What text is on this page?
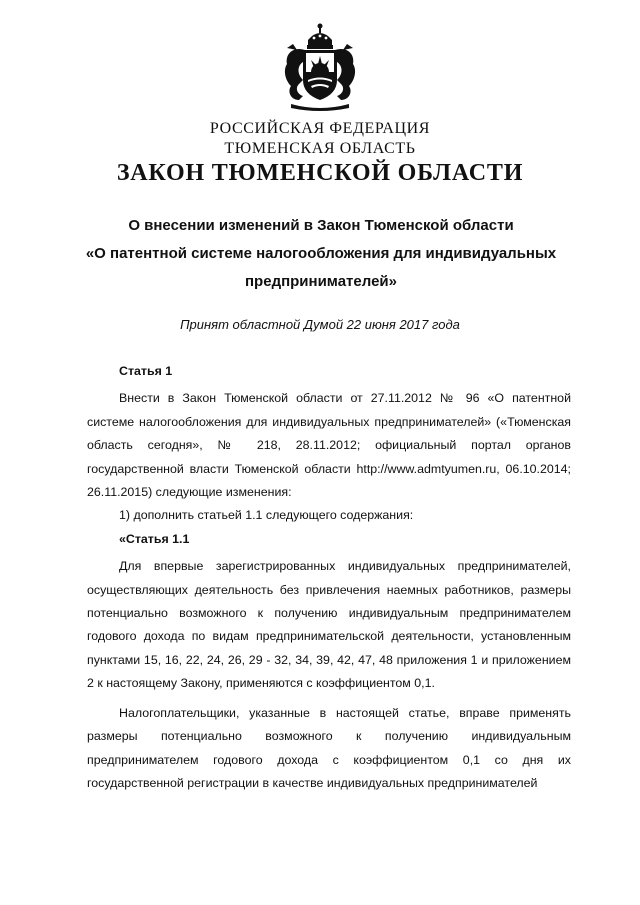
РОССИЙСКАЯ ФЕДЕРАЦИЯ
ТЮМЕНСКАЯ ОБЛАСТЬ
ЗАКОН ТЮМЕНСКОЙ ОБЛАСТИ
О внесении изменений в Закон Тюменской области
«О патентной системе налогообложения для индивидуальных
предпринимателей»
Принят областной Думой 22 июня 2017 года

Статья 1

Внести в Закон Тюменской области от 27.11.2012 № 96 «О патентной системе налогообложения для индивидуальных предпринимателей» («Тюменская область сегодня», № 218, 28.11.2012; официальный портал органов государственной власти Тюменской области http://www.admtyumen.ru, 06.10.2014; 26.11.2015) следующие изменения:

1) дополнить статьей 1.1 следующего содержания:

«Статья 1.1

Для впервые зарегистрированных индивидуальных предпринимателей, осуществляющих деятельность без привлечения наемных работников, размеры потенциально возможного к получению индивидуальным предпринимателем годового дохода по видам предпринимательской деятельности, установленным пунктами 15, 16, 22, 24, 26, 29 - 32, 34, 39, 42, 47, 48 приложения 1 и приложением 2 к настоящему Закону, применяются с коэффициентом 0,1.

Налогоплательщики, указанные в настоящей статье, вправе применять размеры потенциально возможного к получению индивидуальным предпринимателем годового дохода с коэффициентом 0,1 со дня их государственной регистрации в качестве индивидуальных предпринимателей
